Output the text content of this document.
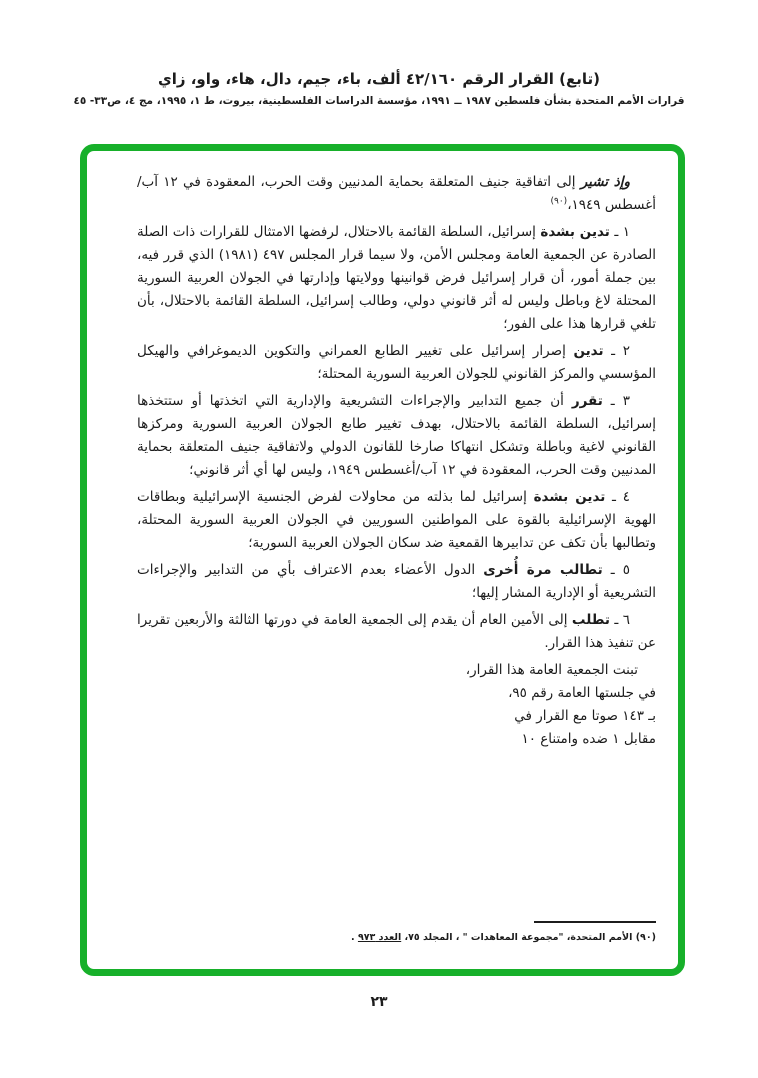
(تابع) القرار الرقم ٤٢/١٦٠ ألف، باء، جيم، دال، هاء، واو، زاي
قرارات الأمم المتحدة بشأن فلسطين ١٩٨٧ ــ ١٩٩١، مؤسسة الدراسات الفلسطينية، بيروت، ط ١، ١٩٩٥، مج ٤، ص٣٣- ٤٥

وإذ تشير إلى اتفاقية جنيف المتعلقة بحماية المدنيين وقت الحرب، المعقودة في ١٢ آب/أغسطس ١٩٤٩،$^{(٩٠)}$

١ ـ تدين بشدة إسرائيل، السلطة القائمة بالاحتلال، لرفضها الامتثال للقرارات ذات الصلة الصادرة عن الجمعية العامة ومجلس الأمن، ولا سيما قرار المجلس ٤٩٧ (١٩٨١) الذي قرر فيه، بين جملة أمور، أن قرار إسرائيل فرض قوانينها وولايتها وإدارتها في الجولان العربية السورية المحتلة لاغ وباطل وليس له أثر قانوني دولي، وطالب إسرائيل، السلطة القائمة بالاحتلال، بأن تلغي قرارها هذا على الفور؛

٢ ـ تدين إصرار إسرائيل على تغيير الطابع العمراني والتكوين الديموغرافي والهيكل المؤسسي والمركز القانوني للجولان العربية السورية المحتلة؛

٣ ـ تقرر أن جميع التدابير والإجراءات التشريعية والإدارية التي اتخذتها أو ستتخذها إسرائيل، السلطة القائمة بالاحتلال، بهدف تغيير طابع الجولان العربية السورية ومركزها القانوني لاغية وباطلة وتشكل انتهاكا صارخا للقانون الدولي ولاتفاقية جنيف المتعلقة بحماية المدنيين وقت الحرب، المعقودة في ١٢ آب/أغسطس ١٩٤٩، وليس لها أي أثر قانوني؛

٤ ـ تدين بشدة إسرائيل لما بذلته من محاولات لفرض الجنسية الإسرائيلية وبطاقات الهوية الإسرائيلية بالقوة على المواطنين السوريين في الجولان العربية السورية المحتلة، وتطالبها بأن تكف عن تدابيرها القمعية ضد سكان الجولان العربية السورية؛

٥ ـ تطالب مرة أُخرى الدول الأعضاء بعدم الاعتراف بأي من التدابير والإجراءات التشريعية أو الإدارية المشار إليها؛

٦ ـ تطلب إلى الأمين العام أن يقدم إلى الجمعية العامة في دورتها الثالثة والأربعين تقريرا عن تنفيذ هذا القرار.

تبنت الجمعية العامة هذا القرار،

في جلستها العامة رقم ٩٥،

بـ ١٤٣ صوتا مع القرار في

مقابل ١ ضده وامتناع ١٠

(٩٠) الأمم المتحدة، "مجموعة المعاهدات " ، المجلد ٧٥، العدد ٩٧٣ .
٢٣
